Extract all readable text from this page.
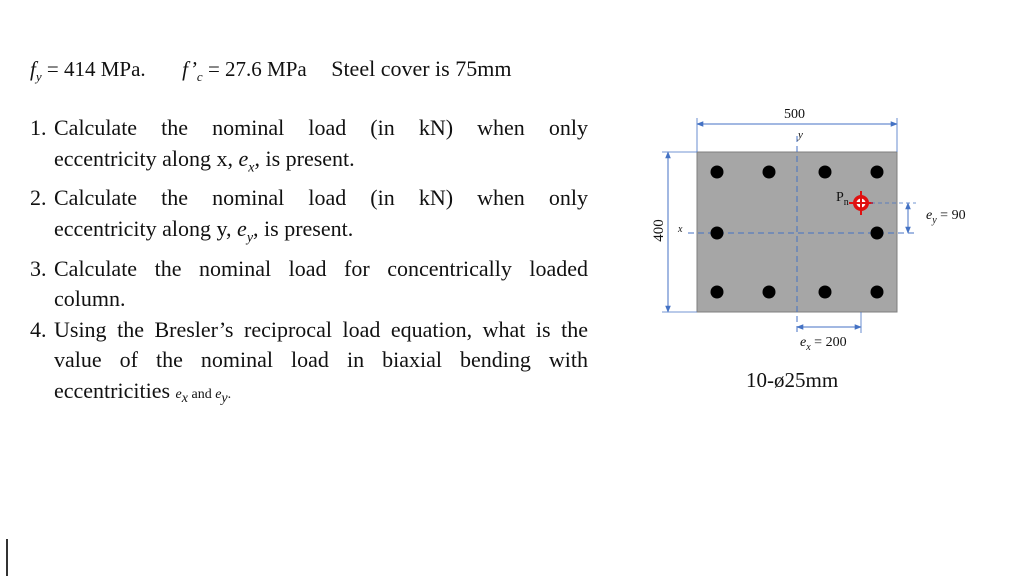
$f_y = 414$ MPa. $f’_c = 27.6$ MPa Steel cover is 75mm
1. Calculate the nominal load (in kN) when only
eccentricity along x, $e_x$, is present.
2. Calculate the nominal load (in kN) when only
eccentricity along y, $e_y$, is present.
3. Calculate the nominal load for concentrically loaded
column.
4. Using the Bresler’s reciprocal load equation, what is the
value of the nominal load in biaxial bending with
eccentricities $e_x$ and $e_y$.
500
y
400 x
$P_n$
$e_y = 90$
$e_x = 200$
10-ø25mm
